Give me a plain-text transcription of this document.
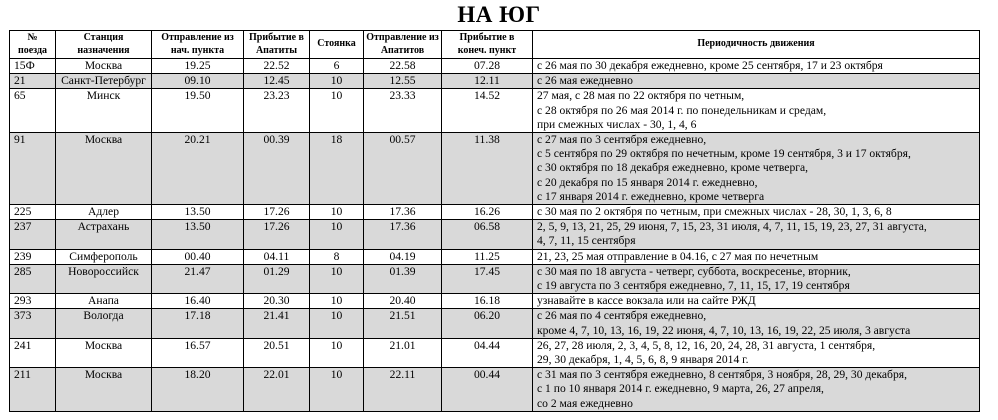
НА ЮГ
№ поезда	Станция назначения	Отправление из нач. пункта	Прибытие в Апатиты	Стоянка	Отправление из Апатитов	Прибытие в конеч. пункт	Периодичность движения
15Ф	Москва	19.25	22.52	6	22.58	07.28	с 26 мая по 30 декабря ежедневно, кроме 25 сентября, 17 и 23 октября

21	Санкт-Петербург	09.10	12.45	10	12.55	12.11	с 26 мая ежедневно

65	Минск	19.50	23.23	10	23.33	14.52	27 мая, с 28 мая по 22 октября по четным,
с 28 октября по 26 мая 2014 г. по понедельникам и средам,
при смежных числах - 30, 1, 4, 6

91	Москва	20.21	00.39	18	00.57	11.38	с 27 мая по 3 сентября ежедневно,
с 5 сентября по 29 октября по нечетным, кроме 19 сентября, 3 и 17 октября,
с 30 октября по 18 декабря ежедневно, кроме четверга,
с 20 декабря по 15 января 2014 г. ежедневно,
с 17 января 2014 г. ежедневно, кроме четверга

225	Адлер	13.50	17.26	10	17.36	16.26	с 30 мая по 2 октября по четным, при смежных числах - 28, 30, 1, 3, 6, 8

237	Астрахань	13.50	17.26	10	17.36	06.58	2, 5, 9, 13, 21, 25, 29 июня, 7, 15, 23, 31 июля, 4, 7, 11, 15, 19, 23, 27, 31 августа,
4, 7, 11, 15 сентября

239	Симферополь	00.40	04.11	8	04.19	11.25	21, 23, 25 мая отправление в 04.16, с 27 мая по нечетным

285	Новороссийск	21.47	01.29	10	01.39	17.45	с 30 мая по 18 августа - четверг, суббота, воскресенье, вторник,
с 19 августа по 3 сентября ежедневно, 7, 11, 15, 17, 19 сентября

293	Анапа	16.40	20.30	10	20.40	16.18	узнавайте в кассе вокзала или на сайте РЖД

373	Вологда	17.18	21.41	10	21.51	06.20	с 26 мая по 4 сентября ежедневно,
кроме 4, 7, 10, 13, 16, 19, 22 июня, 4, 7, 10, 13, 16, 19, 22, 25 июля, 3 августа

241	Москва	16.57	20.51	10	21.01	04.44	26, 27, 28 июля, 2, 3, 4, 5, 8, 12, 16, 20, 24, 28, 31 августа, 1 сентября,
29, 30 декабря, 1, 4, 5, 6, 8, 9 января 2014 г.

211	Москва	18.20	22.01	10	22.11	00.44	с 31 мая по 3 сентября ежедневно, 8 сентября, 3 ноября, 28, 29, 30 декабря,
с 1 по 10 января 2014 г. ежедневно, 9 марта, 26, 27 апреля,
со 2 мая ежедневно
